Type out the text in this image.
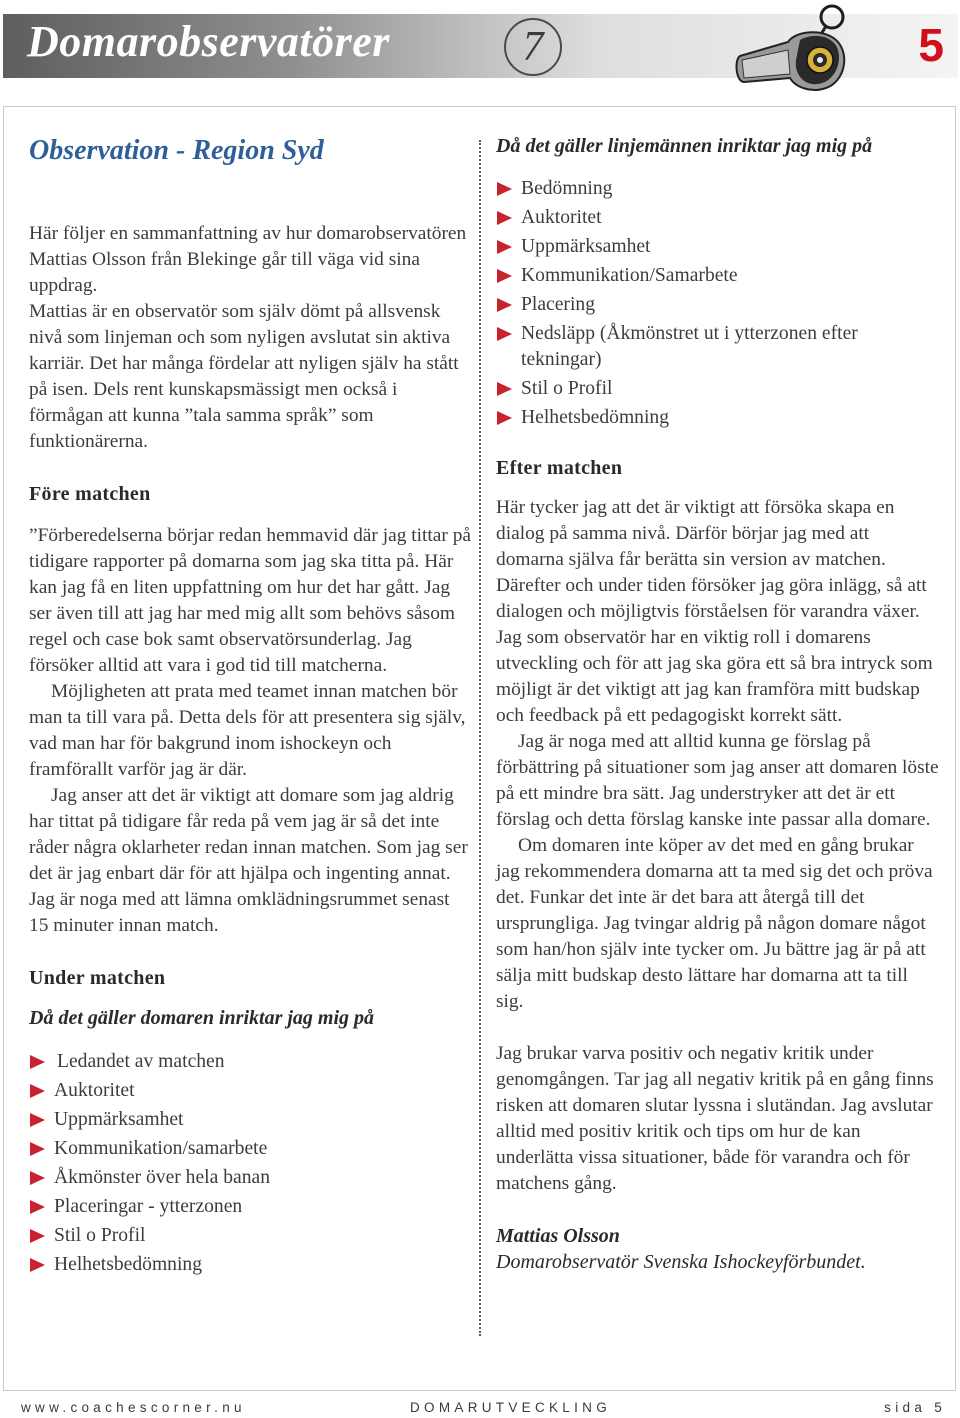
Domarobservatörer	7	5
Observation - Region Syd

Här följer en sammanfattning av hur domarobservatören Mattias Olsson från Blekinge går till väga vid sina uppdrag.

Mattias är en observatör som själv dömt på allsvensk nivå som linjeman och som nyligen avslutat sin aktiva karriär. Det har många fördelar att nyligen själv ha stått på isen. Dels rent kunskapsmässigt men också i förmågan att kunna ”tala samma språk” som funktionärerna.

Före matchen

”Förberedelserna börjar redan hemmavid där jag tittar på tidigare rapporter på domarna som jag ska titta på. Här kan jag få en liten uppfattning om hur det har gått. Jag ser även till att jag har med mig allt som behövs såsom regel och case bok samt observatörsunderlag. Jag försöker alltid att vara i god tid till matcherna.

Möjligheten att prata med teamet innan matchen bör man ta till vara på. Detta dels för att presentera sig själv, vad man har för bakgrund inom ishockeyn och framförallt varför jag är där.

Jag anser att det är viktigt att domare som jag aldrig har tittat på tidigare får reda på vem jag är så det inte råder några oklarheter redan innan matchen. Som jag ser det är jag enbart där för att hjälpa och ingenting annat. Jag är noga med att lämna omklädningsrummet senast 15 minuter innan match.

Under matchen
Då det gäller domaren inriktar jag mig på
Ledandet av matchen
Auktoritet
Uppmärksamhet
Kommunikation/samarbete
Åkmönster över hela banan
Placeringar - ytterzonen
Stil o Profil
Helhetsbedömning
Då det gäller linjemännen inriktar jag mig på
Bedömning
Auktoritet
Uppmärksamhet
Kommunikation/Samarbete
Placering
Nedsläpp (Åkmönstret ut i ytterzonen efter tekningar)
Stil o Profil
Helhetsbedömning
Efter matchen

Här tycker jag att det är viktigt att försöka skapa en dialog på samma nivå. Därför börjar jag med att domarna själva får berätta sin version av matchen. Därefter och under tiden försöker jag göra inlägg, så att dialogen och möjligtvis förståelsen för varandra växer. Jag som observatör har en viktig roll i domarens utveckling och för att jag ska göra ett så bra intryck som möjligt är det viktigt att jag kan framföra mitt budskap och feedback på ett pedagogiskt korrekt sätt.

Jag är noga med att alltid kunna ge förslag på förbättring på situationer som jag anser att domaren löste på ett mindre bra sätt. Jag understryker att det är ett förslag och detta förslag kanske inte passar alla domare.

Om domaren inte köper av det med en gång brukar jag rekommendera domarna att ta med sig det och pröva det. Funkar det inte är det bara att återgå till det ursprungliga. Jag tvingar aldrig på någon domare något som han/hon själv inte tycker om. Ju bättre jag är på att sälja mitt budskap desto lättare har domarna att ta till sig.

Jag brukar varva positiv och negativ kritik under genomgången. Tar jag all negativ kritik på en gång finns risken att domaren slutar lyssna i slutändan. Jag avslutar alltid med positiv kritik och tips om hur de kan underlätta vissa situationer, både för varandra och för matchens gång.

Mattias Olsson
Domarobservatör Svenska Ishockeyförbundet.
www.coachescorner.nu	DOMARUTVECKLING	sida 5
